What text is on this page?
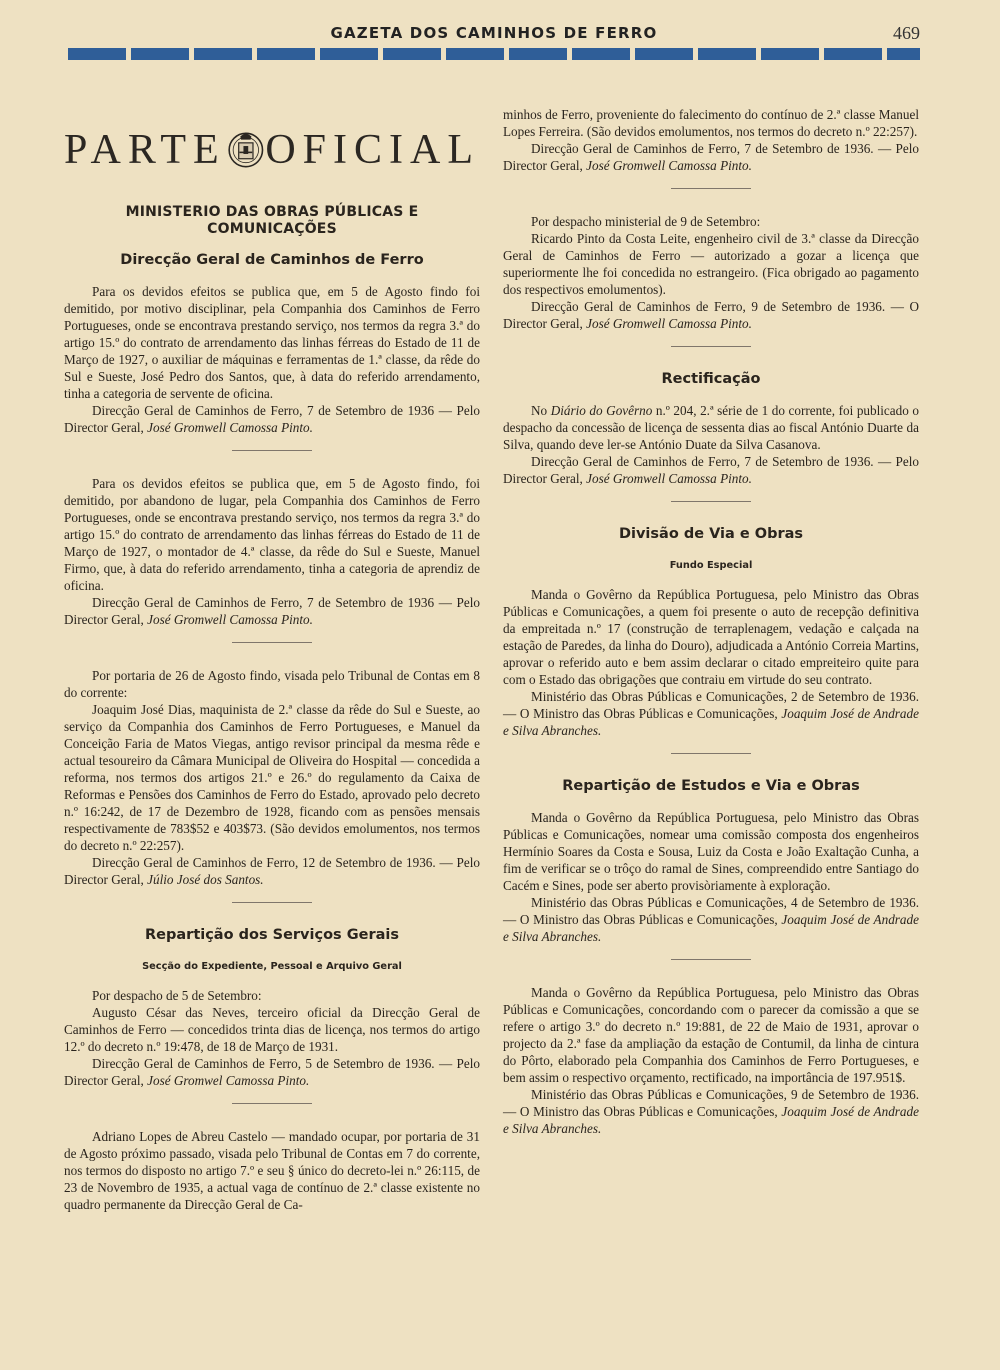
GAZETA DOS CAMINHOS DE FERRO	469
PARTE OFICIAL
MINISTERIO DAS OBRAS PÚBLICAS E COMUNICAÇÕES
Direcção Geral de Caminhos de Ferro

Para os devidos efeitos se publica que, em 5 de Agosto findo foi demitido, por motivo disciplinar, pela Companhia dos Caminhos de Ferro Portugueses, onde se encontrava prestando serviço, nos termos da regra 3.ª do artigo 15.º do contrato de arrendamento das linhas férreas do Estado de 11 de Março de 1927, o auxiliar de máquinas e ferramentas de 1.ª classe, da rêde do Sul e Sueste, José Pedro dos Santos, que, à data do referido arrendamento, tinha a categoria de servente de oficina.

Direcção Geral de Caminhos de Ferro, 7 de Setembro de 1936 — Pelo Director Geral, José Gromwell Camossa Pinto.

Para os devidos efeitos se publica que, em 5 de Agosto findo, foi demitido, por abandono de lugar, pela Companhia dos Caminhos de Ferro Portugueses, onde se encontrava prestando serviço, nos termos da regra 3.ª do artigo 15.º do contrato de arrendamento das linhas férreas do Estado de 11 de Março de 1927, o montador de 4.ª classe, da rêde do Sul e Sueste, Manuel Firmo, que, à data do referido arrendamento, tinha a categoria de aprendiz de oficina.

Direcção Geral de Caminhos de Ferro, 7 de Setembro de 1936 — Pelo Director Geral, José Gromwell Camossa Pinto.

Por portaria de 26 de Agosto findo, visada pelo Tribunal de Contas em 8 do corrente:

Joaquim José Dias, maquinista de 2.ª classe da rêde do Sul e Sueste, ao serviço da Companhia dos Caminhos de Ferro Portugueses, e Manuel da Conceição Faria de Matos Viegas, antigo revisor principal da mesma rêde e actual tesoureiro da Câmara Municipal de Oliveira do Hospital — concedida a reforma, nos termos dos artigos 21.º e 26.º do regulamento da Caixa de Reformas e Pensões dos Caminhos de Ferro do Estado, aprovado pelo decreto n.º 16:242, de 17 de Dezembro de 1928, ficando com as pensões mensais respectivamente de 783$52 e 403$73. (São devidos emolumentos, nos termos do decreto n.º 22:257).

Direcção Geral de Caminhos de Ferro, 12 de Setembro de 1936. — Pelo Director Geral, Júlio José dos Santos.

Repartição dos Serviços Gerais
Secção do Expediente, Pessoal e Arquivo Geral

Por despacho de 5 de Setembro:

Augusto César das Neves, terceiro oficial da Direcção Geral de Caminhos de Ferro — concedidos trinta dias de licença, nos termos do artigo 12.º do decreto n.º 19:478, de 18 de Março de 1931.

Direcção Geral de Caminhos de Ferro, 5 de Setembro de 1936. — Pelo Director Geral, José Gromwel Camossa Pinto.

Adriano Lopes de Abreu Castelo — mandado ocupar, por portaria de 31 de Agosto próximo passado, visada pelo Tribunal de Contas em 7 do corrente, nos termos do disposto no artigo 7.º e seu § único do decreto-lei n.º 26:115, de 23 de Novembro de 1935, a actual vaga de contínuo de 2.ª classe existente no quadro permanente da Direcção Geral de Ca-

minhos de Ferro, proveniente do falecimento do contínuo de 2.ª classe Manuel Lopes Ferreira. (São devidos emolumentos, nos termos do decreto n.º 22:257).

Direcção Geral de Caminhos de Ferro, 7 de Setembro de 1936. — Pelo Director Geral, José Gromwell Camossa Pinto.

Por despacho ministerial de 9 de Setembro:

Ricardo Pinto da Costa Leite, engenheiro civil de 3.ª classe da Direcção Geral de Caminhos de Ferro — autorizado a gozar a licença que superiormente lhe foi concedida no estrangeiro. (Fica obrigado ao pagamento dos respectivos emolumentos).

Direcção Geral de Caminhos de Ferro, 9 de Setembro de 1936. — O Director Geral, José Gromwell Camossa Pinto.

Rectificação

No Diário do Govêrno n.º 204, 2.ª série de 1 do corrente, foi publicado o despacho da concessão de licença de sessenta dias ao fiscal António Duarte da Silva, quando deve ler-se António Duate da Silva Casanova.

Direcção Geral de Caminhos de Ferro, 7 de Setembro de 1936. — Pelo Director Geral, José Gromwell Camossa Pinto.

Divisão de Via e Obras
Fundo Especial

Manda o Govêrno da República Portuguesa, pelo Ministro das Obras Públicas e Comunicações, a quem foi presente o auto de recepção definitiva da empreitada n.º 17 (construção de terraplenagem, vedação e calçada na estação de Paredes, da linha do Douro), adjudicada a António Correia Martins, aprovar o referido auto e bem assim declarar o citado empreiteiro quite para com o Estado das obrigações que contraiu em virtude do seu contrato.

Ministério das Obras Públicas e Comunicações, 2 de Setembro de 1936. — O Ministro das Obras Públicas e Comunicações, Joaquim José de Andrade e Silva Abranches.

Repartição de Estudos e Via e Obras

Manda o Govêrno da República Portuguesa, pelo Ministro das Obras Públicas e Comunicações, nomear uma comissão composta dos engenheiros Hermínio Soares da Costa e Sousa, Luiz da Costa e João Exaltação Cunha, a fim de verificar se o trôço do ramal de Sines, compreendido entre Santiago do Cacém e Sines, pode ser aberto provisòriamente à exploração.

Ministério das Obras Públicas e Comunicações, 4 de Setembro de 1936. — O Ministro das Obras Públicas e Comunicações, Joaquim José de Andrade e Silva Abranches.

Manda o Govêrno da República Portuguesa, pelo Ministro das Obras Públicas e Comunicações, concordando com o parecer da comissão a que se refere o artigo 3.º do decreto n.º 19:881, de 22 de Maio de 1931, aprovar o projecto da 2.ª fase da ampliação da estação de Contumil, da linha de cintura do Pôrto, elaborado pela Companhia dos Caminhos de Ferro Portugueses, e bem assim o respectivo orçamento, rectificado, na importância de 197.951$.

Ministério das Obras Públicas e Comunicações, 9 de Setembro de 1936. — O Ministro das Obras Públicas e Comunicações, Joaquim José de Andrade e Silva Abranches.
